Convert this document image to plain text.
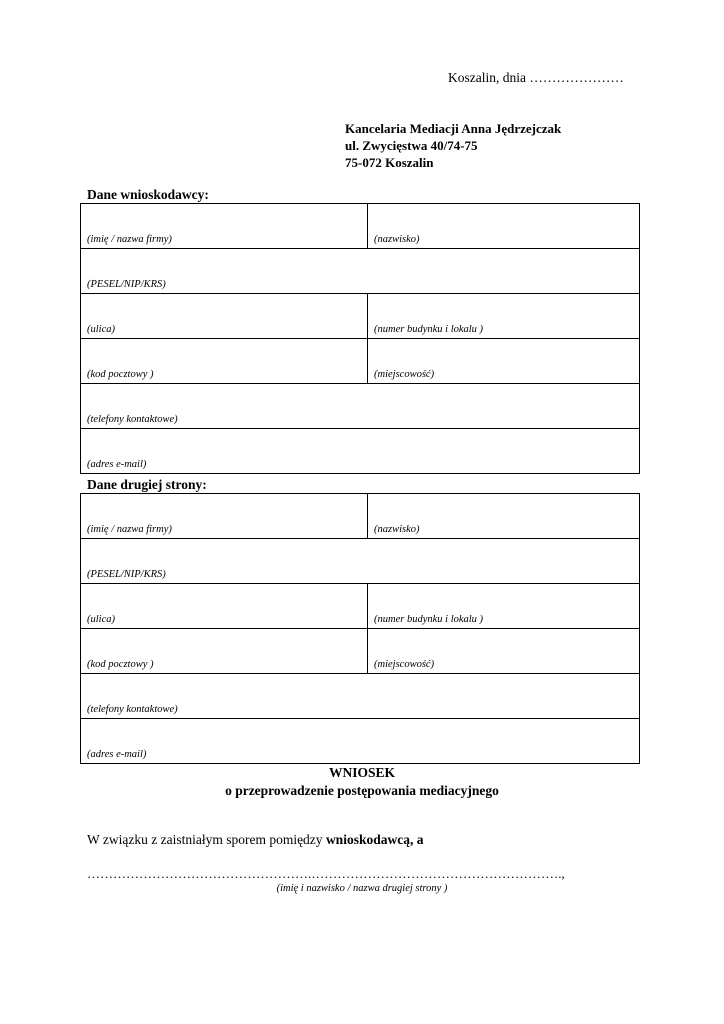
Koszalin, dnia …………………
Kancelaria Mediacji Anna Jędrzejczak
ul. Zwycięstwa 40/74-75
75-072 Koszalin
Dane wnioskodawcy:
(imię / nazwa firmy)	(nazwisko)
(PESEL/NIP/KRS)	
(ulica)	(numer budynku i lokalu )
(kod pocztowy )	(miejscowość)
(telefony kontaktowe)	
(adres e-mail)	
Dane drugiej strony:
(imię / nazwa firmy)	(nazwisko)
(PESEL/NIP/KRS)	
(ulica)	(numer budynku i lokalu )
(kod pocztowy )	(miejscowość)
(telefony kontaktowe)	
(adres e-mail)	
WNIOSEK
o przeprowadzenie postępowania mediacyjnego
W związku z zaistniałym sporem pomiędzy wnioskodawcą, a
…………………………………………….………………………………………………….,
(imię i nazwisko / nazwa drugiej strony )
